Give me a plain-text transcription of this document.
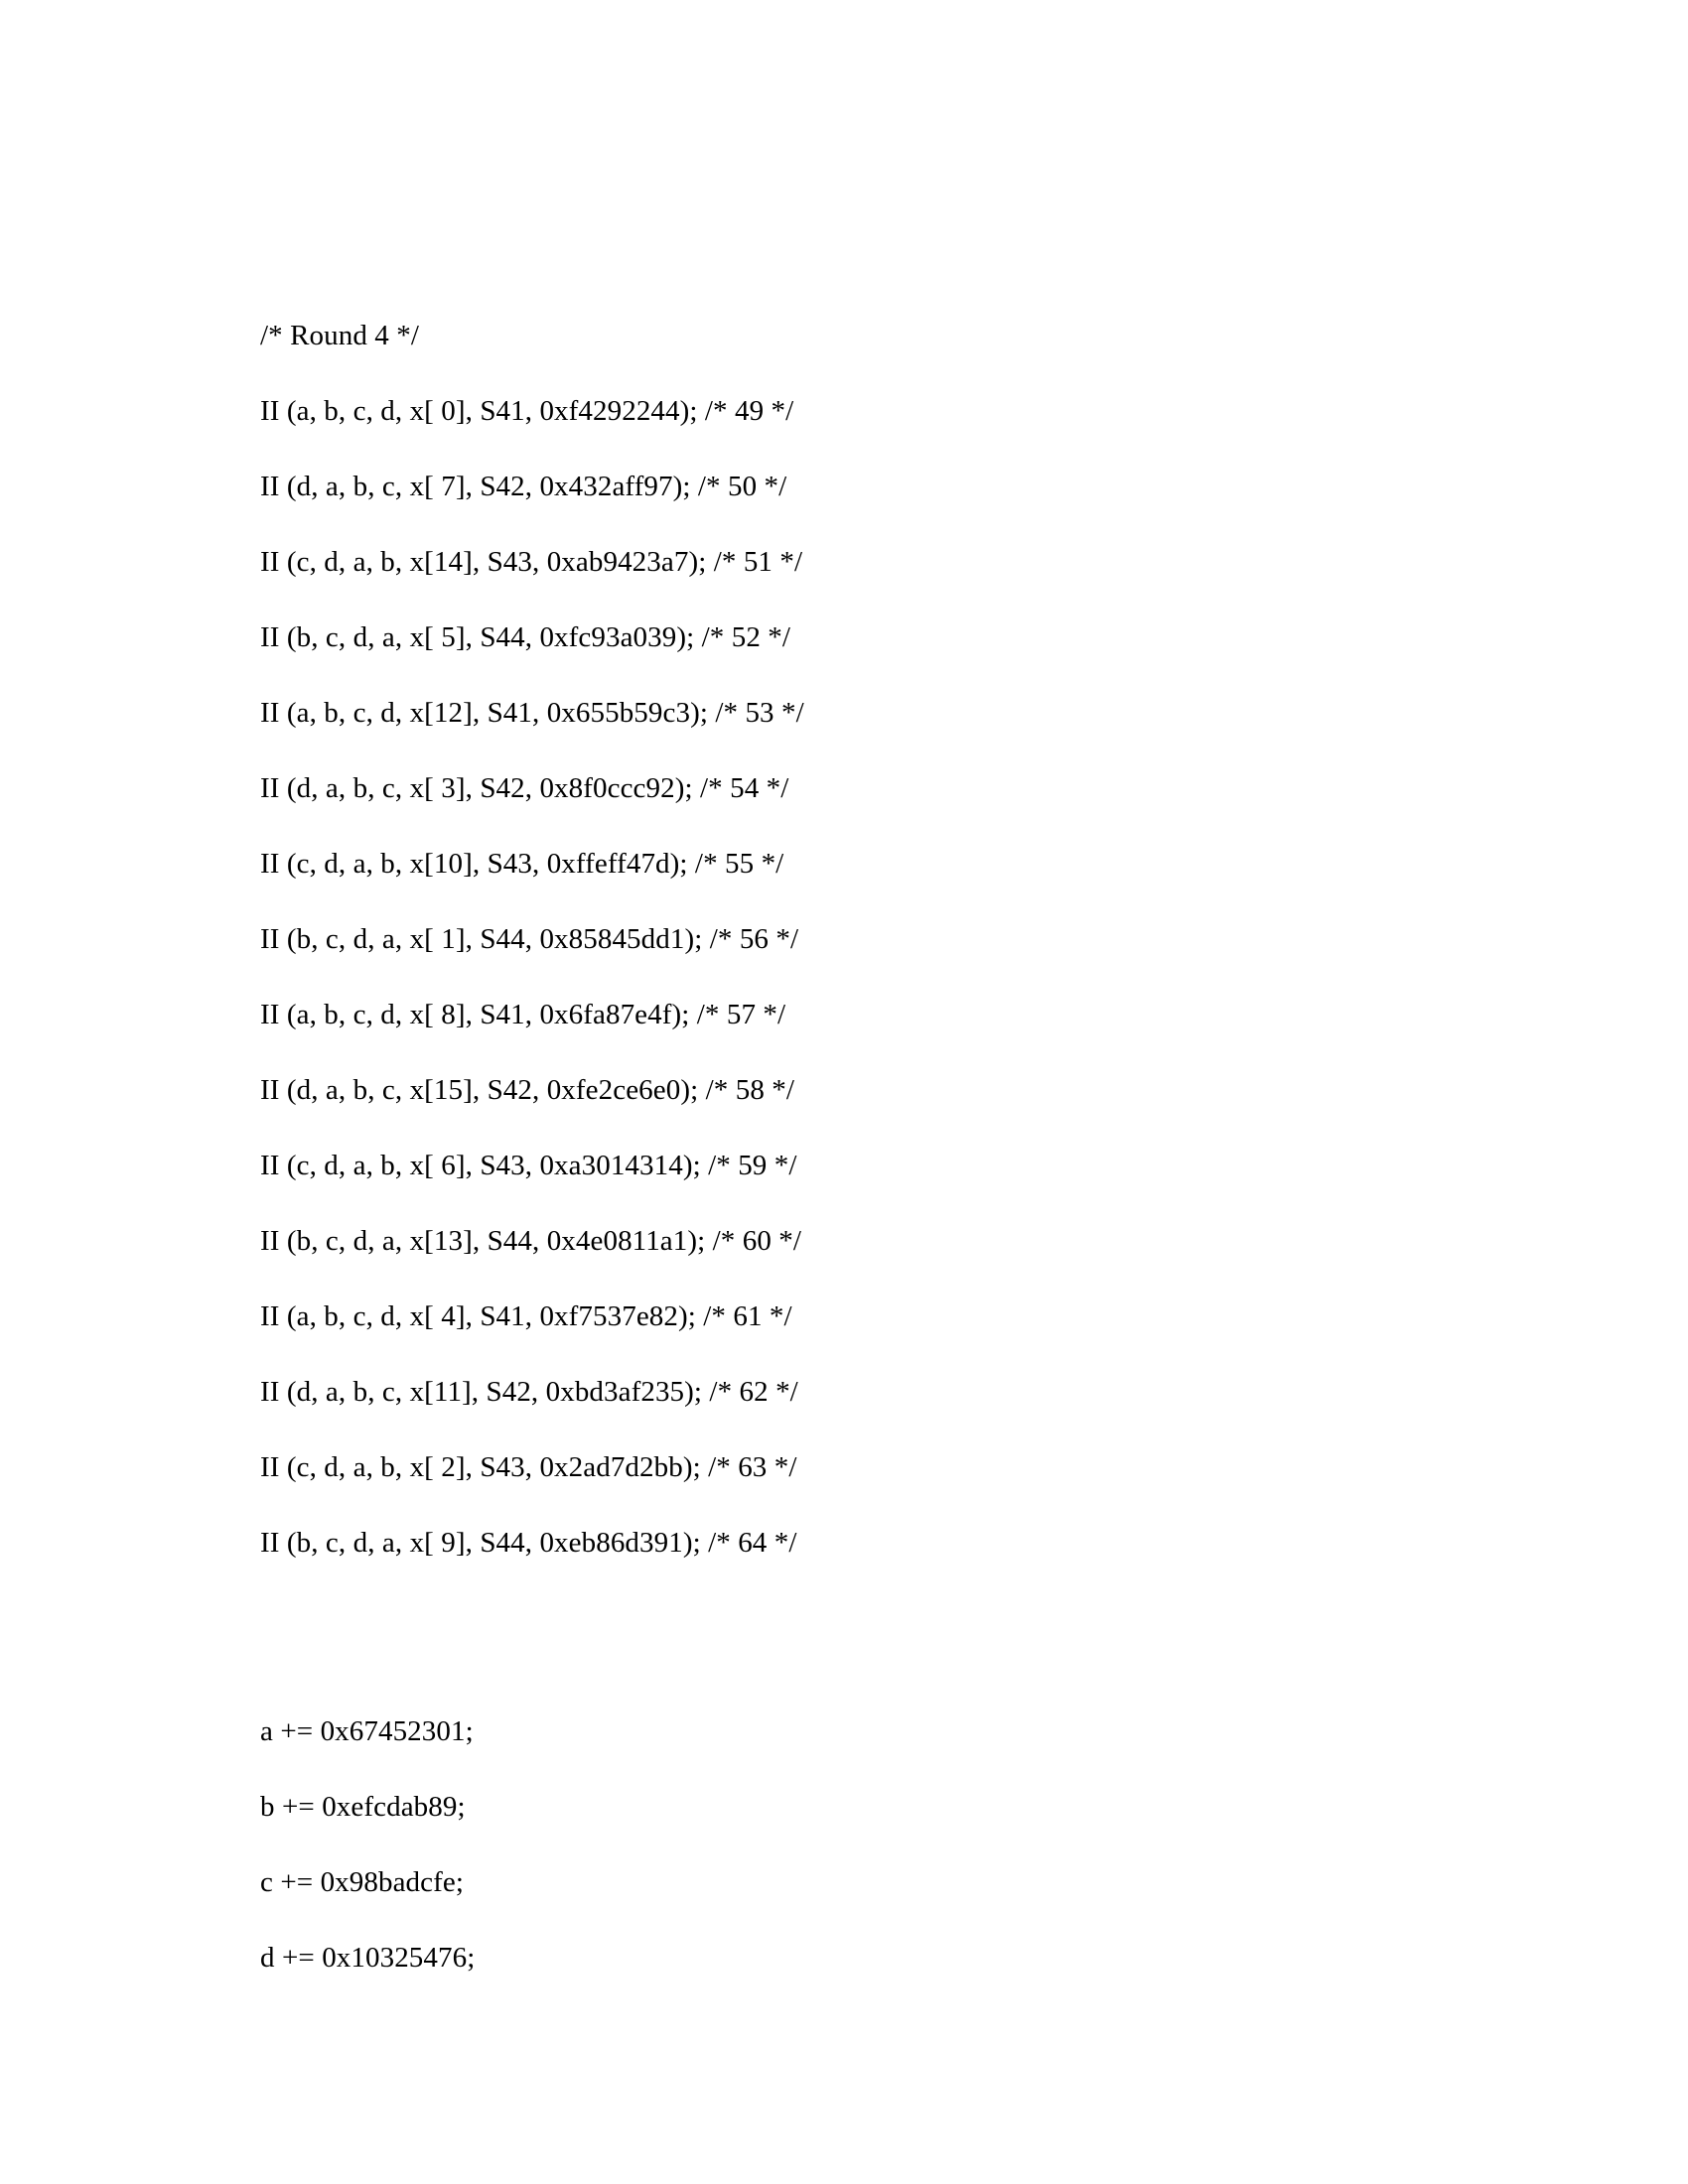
/* Round 4 */
II (a, b, c, d, x[ 0], S41, 0xf4292244); /* 49 */
II (d, a, b, c, x[ 7], S42, 0x432aff97); /* 50 */
II (c, d, a, b, x[14], S43, 0xab9423a7); /* 51 */
II (b, c, d, a, x[ 5], S44, 0xfc93a039); /* 52 */
II (a, b, c, d, x[12], S41, 0x655b59c3); /* 53 */
II (d, a, b, c, x[ 3], S42, 0x8f0ccc92); /* 54 */
II (c, d, a, b, x[10], S43, 0xffeff47d); /* 55 */
II (b, c, d, a, x[ 1], S44, 0x85845dd1); /* 56 */
II (a, b, c, d, x[ 8], S41, 0x6fa87e4f); /* 57 */
II (d, a, b, c, x[15], S42, 0xfe2ce6e0); /* 58 */
II (c, d, a, b, x[ 6], S43, 0xa3014314); /* 59 */
II (b, c, d, a, x[13], S44, 0x4e0811a1); /* 60 */
II (a, b, c, d, x[ 4], S41, 0xf7537e82); /* 61 */
II (d, a, b, c, x[11], S42, 0xbd3af235); /* 62 */
II (c, d, a, b, x[ 2], S43, 0x2ad7d2bb); /* 63 */
II (b, c, d, a, x[ 9], S44, 0xeb86d391); /* 64 */
a += 0x67452301;
b += 0xefcdab89;
c += 0x98badcfe;
d += 0x10325476;
